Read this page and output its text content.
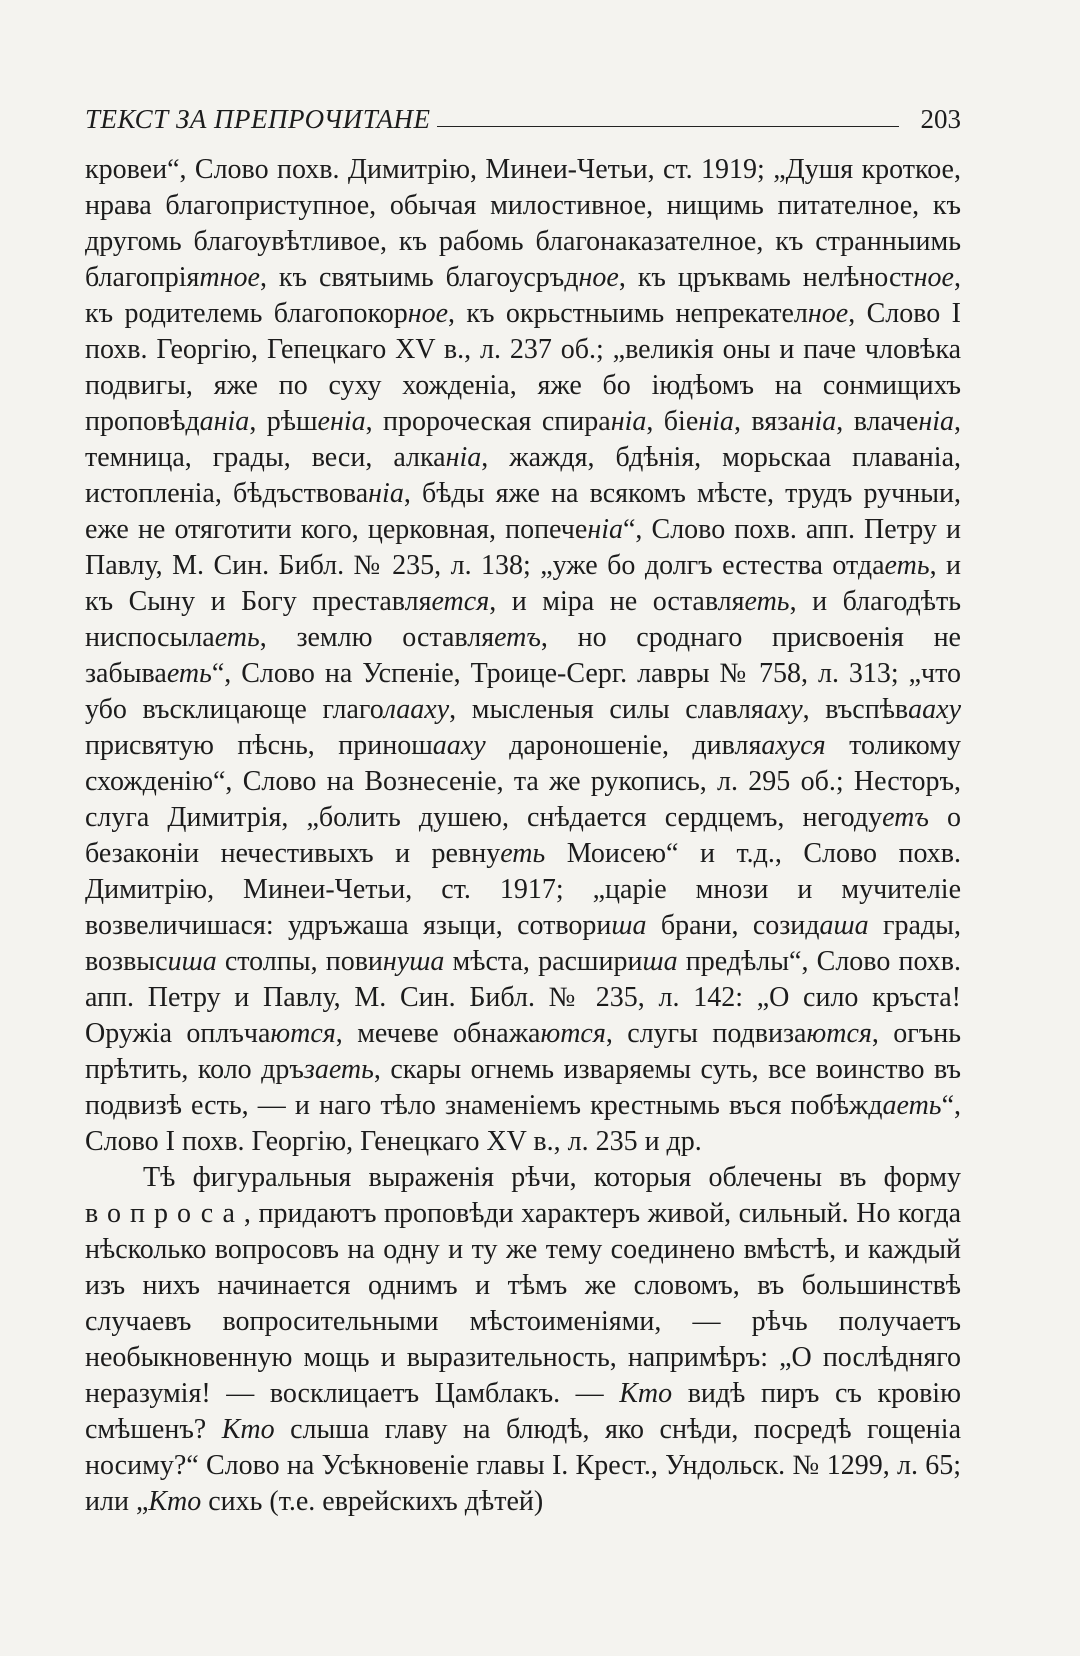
ТЕКСТ ЗА ПРЕПРОЧИТАНЕ	203

кровеи“, Слово похв. Димитрію, Минеи-Четьи, ст. 1919; „Душя кроткое, нрава благоприступное, обычая милостивное, нищимь питателное, къ другомь благоув‍ѣтливое, къ рабомь благонаказателное, къ странныимь благопріятное, къ святыимь благоусръдное, къ цръквамь нел‍ѣностное, къ родителемь благопокорное, къ окрьстныимь непрекателное, Слово I похв. Георгію, Гепецкаго XV в., л. 237 об.; „великія оны и паче чловѣка подвигы, яже по суху хожденіа, яже бо іюдѣомъ на сонмищихъ проповѣданіа, рѣшеніа, пророческая спираніа, біеніа, вязаніа, влаченіа, темница, грады, веси, алканіа, жаждя, бдѣнія, морьскаа плаваніа, истопленіа, бѣдъствованіа, бѣды яже на всякомъ мѣсте, трудъ ручныи, еже не отяготити кого, церковная, попеченіа“, Слово похв. апп. Петру и Павлу, М. Син. Библ. № 235, л. 138; „уже бо долгъ естества отдаеть, и къ Сыну и Богу преставляется, и міра не оставляеть, и благодѣть ниспосылаеть, землю оставляетъ, но сроднаго присвоенія не забываеть“, Слово на Успеніе, Троице-Серг. лавры № 758, л. 313; „что убо въсклицающе глаголааху, мысленыя силы славляаху, въспѣваaху присвятую пѣснь, приношааху дароношеніе, дивляахуся толикому схожденію“, Слово на Вознесеніе, та же рукопись, л. 295 об.; Несторъ, слуга Димитрія, „болить душею, снѣдается сердцемъ, негодуетъ о безаконіи нечестивыхъ и ревнуеть Моисею“ и т.д., Слово похв. Димитрію, Минеи-Четьи, ст. 1917; „царіе мнози и мучителіе возвеличишася: удръжаша языци, сотвориша брани, созидаша грады, возвысиша столпы, повинуша мѣста, расшириша предѣлы“, Слово похв. апп. Петру и Павлу, М. Син. Библ. № 235, л. 142: „О сило кръста! Оружіа оплъчаются, мечеве обнажаются, слугы подвизаются, огънь прѣтить, коло дръзаеть, скары огнемь извaряемы суть, все воинство въ подвизѣ есть, — и наго тѣло знаменіемъ крестнымь въся побѣждаеть“, Слово I похв. Георгію, Генецкаго XV в., л. 235 и др.

Тѣ фигуральныя выраженія рѣчи, которыя облечены въ форму вопроса, придаютъ проповѣди характеръ живой, сильный. Но когда нѣсколько вопросовъ на одну и ту же тему соединено вмѣстѣ, и каждый изъ нихъ начинается однимъ и тѣмъ же словомъ, въ большинствѣ случаевъ вопросительными мѣстоименіями, — рѣчь получаетъ необыкновенную мощь и выразительность, напримѣръ: „О послѣдняго неразумія! — восклицаетъ Цамблакъ. — Кто видѣ пиръ съ кровію смѣшенъ? Кто слыша главу на блюдѣ, яко снѣди, посредѣ гощеніа носиму?“ Слово на Усѣкновеніе главы І. Крест., Ундольск. № 1299, л. 65; или „Кто сихь (т.е. еврейскихъ дѣтей)
